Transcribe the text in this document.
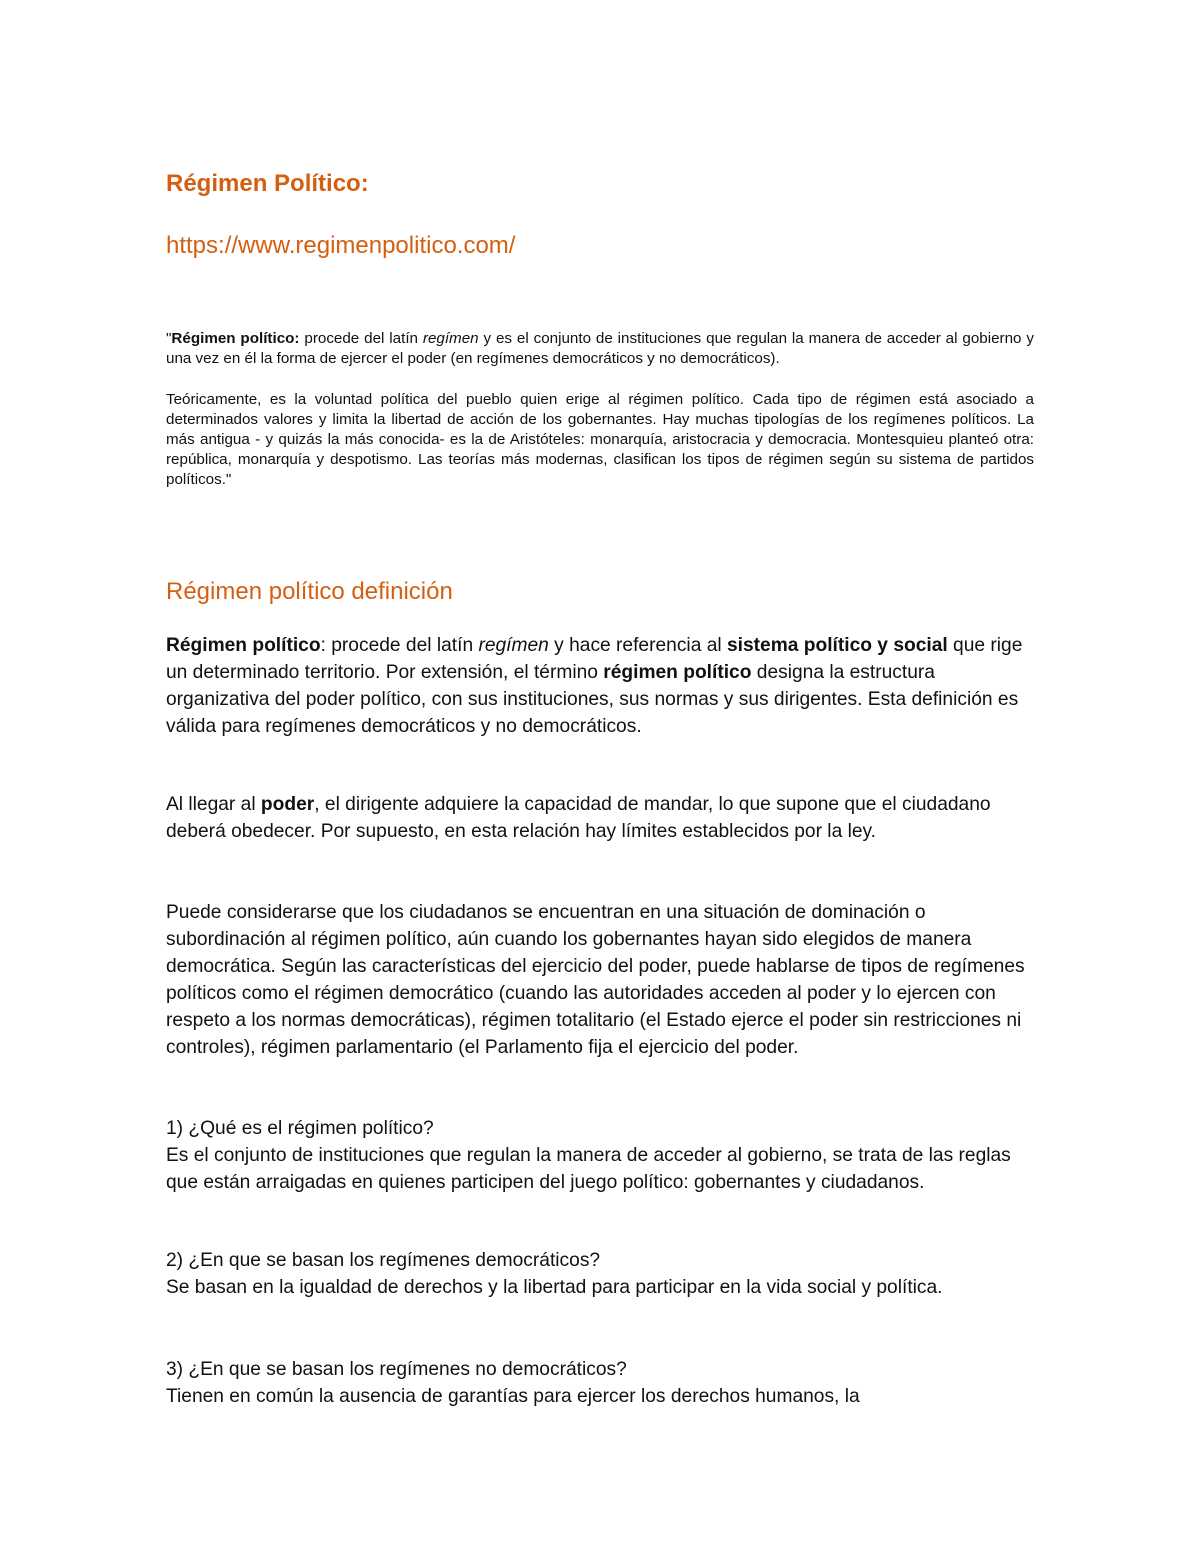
Régimen Político:
https://www.regimenpolitico.com/

"Régimen político: procede del latín regímen y es el conjunto de instituciones que regulan la manera de acceder al gobierno y una vez en él la forma de ejercer el poder (en regímenes democráticos y no democráticos).

Teóricamente, es la voluntad política del pueblo quien erige al régimen político. Cada tipo de régimen está asociado a determinados valores y limita la libertad de acción de los gobernantes. Hay muchas tipologías de los regímenes políticos. La más antigua - y quizás la más conocida- es la de Aristóteles: monarquía, aristocracia y democracia. Montesquieu planteó otra: república, monarquía y despotismo. Las teorías más modernas, clasifican los tipos de régimen según su sistema de partidos políticos."

Régimen político definición

Régimen político: procede del latín regímen y hace referencia al sistema político y social que rige un determinado territorio. Por extensión, el término régimen político designa la estructura organizativa del poder político, con sus instituciones, sus normas y sus dirigentes. Esta definición es válida para regímenes democráticos y no democráticos.

Al llegar al poder, el dirigente adquiere la capacidad de mandar, lo que supone que el ciudadano deberá obedecer. Por supuesto, en esta relación hay límites establecidos por la ley.

Puede considerarse que los ciudadanos se encuentran en una situación de dominación o subordinación al régimen político, aún cuando los gobernantes hayan sido elegidos de manera democrática. Según las características del ejercicio del poder, puede hablarse de tipos de regímenes políticos como el régimen democrático (cuando las autoridades acceden al poder y lo ejercen con respeto a los normas democráticas), régimen totalitario (el Estado ejerce el poder sin restricciones ni controles), régimen parlamentario (el Parlamento fija el ejercicio del poder.

1) ¿Qué es el régimen político?
Es el conjunto de instituciones que regulan la manera de acceder al gobierno, se trata de las reglas que están arraigadas en quienes participen del juego político: gobernantes y ciudadanos.

2) ¿En que se basan los regímenes democráticos?
Se basan en la igualdad de derechos y la libertad para participar en la vida social y política.

3) ¿En que se basan los regímenes no democráticos?
Tienen en común la ausencia de garantías para ejercer los derechos humanos, la
